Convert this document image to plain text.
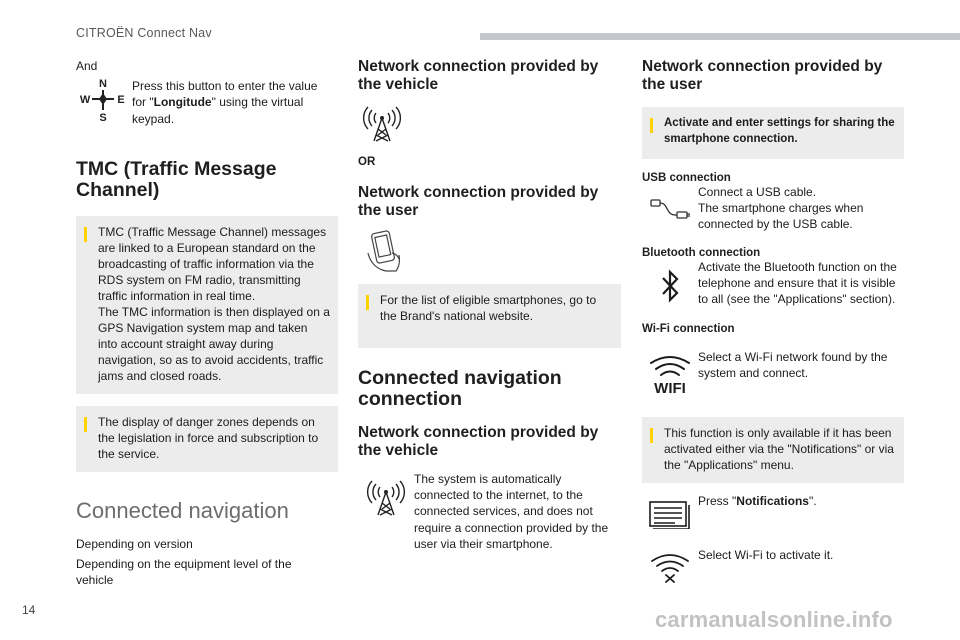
CITROËN Connect Nav
And
N
S
W E
Press this button to enter the value for "Longitude" using the virtual keypad.
TMC (Traffic Message Channel)
TMC (Traffic Message Channel) messages are linked to a European standard on the broadcasting of traffic information via the RDS system on FM radio, transmitting traffic information in real time.
The TMC information is then displayed on a GPS Navigation system map and taken into account straight away during navigation, so as to avoid accidents, traffic jams and closed roads.
The display of danger zones depends on the legislation in force and subscription to the service.
Connected navigation
Depending on version
Depending on the equipment level of the vehicle
Network connection provided by the vehicle
OR
Network connection provided by the user
For the list of eligible smartphones, go to the Brand's national website.
Connected navigation connection
Network connection provided by the vehicle
The system is automatically connected to the internet, to the connected services, and does not require a connection provided by the user via their smartphone.
Network connection provided by the user
Activate and enter settings for sharing the smartphone connection.
USB connection
Connect a USB cable.
The smartphone charges when connected by the USB cable.
Bluetooth connection
Activate the Bluetooth function on the telephone and ensure that it is visible to all (see the "Applications" section).
Wi-Fi connection
WIFI
Select a Wi-Fi network found by the system and connect.
This function is only available if it has been activated either via the "Notifications" or via the "Applications" menu.
Press "Notifications".
Select Wi-Fi to activate it.
14	carmanualsonline.info
